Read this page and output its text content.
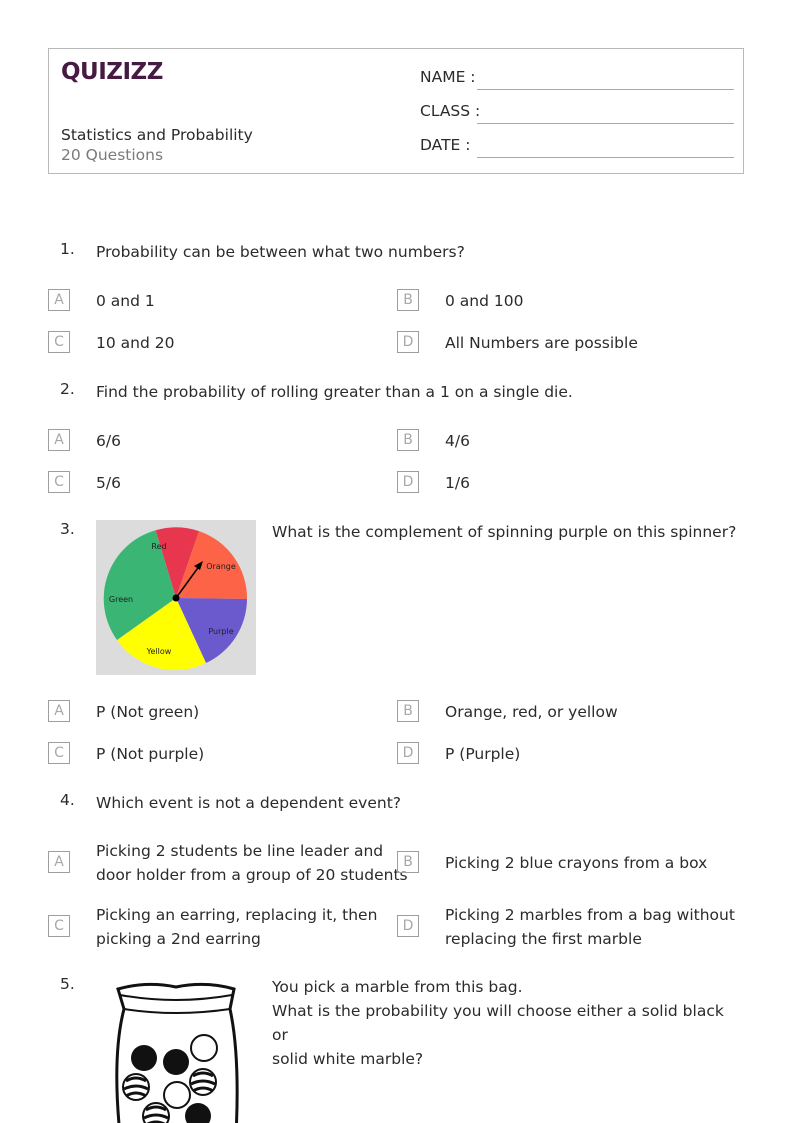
QUIZIZZ
Statistics and Probability
20 Questions
NAME :
CLASS :
DATE :
1. Probability can be between what two numbers?
A	0 and 1	B	0 and 100
C	10 and 20	D	All Numbers are possible
2. Find the probability of rolling greater than a 1 on a single die.
A	6/6	B	4/6
C	5/6	D	1/6
3.
Red
Orange
Green
Purple
Yellow
What is the complement of spinning purple on this spinner?
A	P (Not green)	B	Orange, red, or yellow
C	P (Not purple)	D	P (Purple)
4. Which event is not a dependent event?
A
Picking 2 students be line leader and
door holder from a group of 20 students
B	Picking 2 blue crayons from a box
C
Picking an earring, replacing it, then
picking a 2nd earring
D
Picking 2 marbles from a bag without
replacing the first marble
5.	You pick a marble from this bag.
What is the probability you will choose either a solid black or
solid white marble?
